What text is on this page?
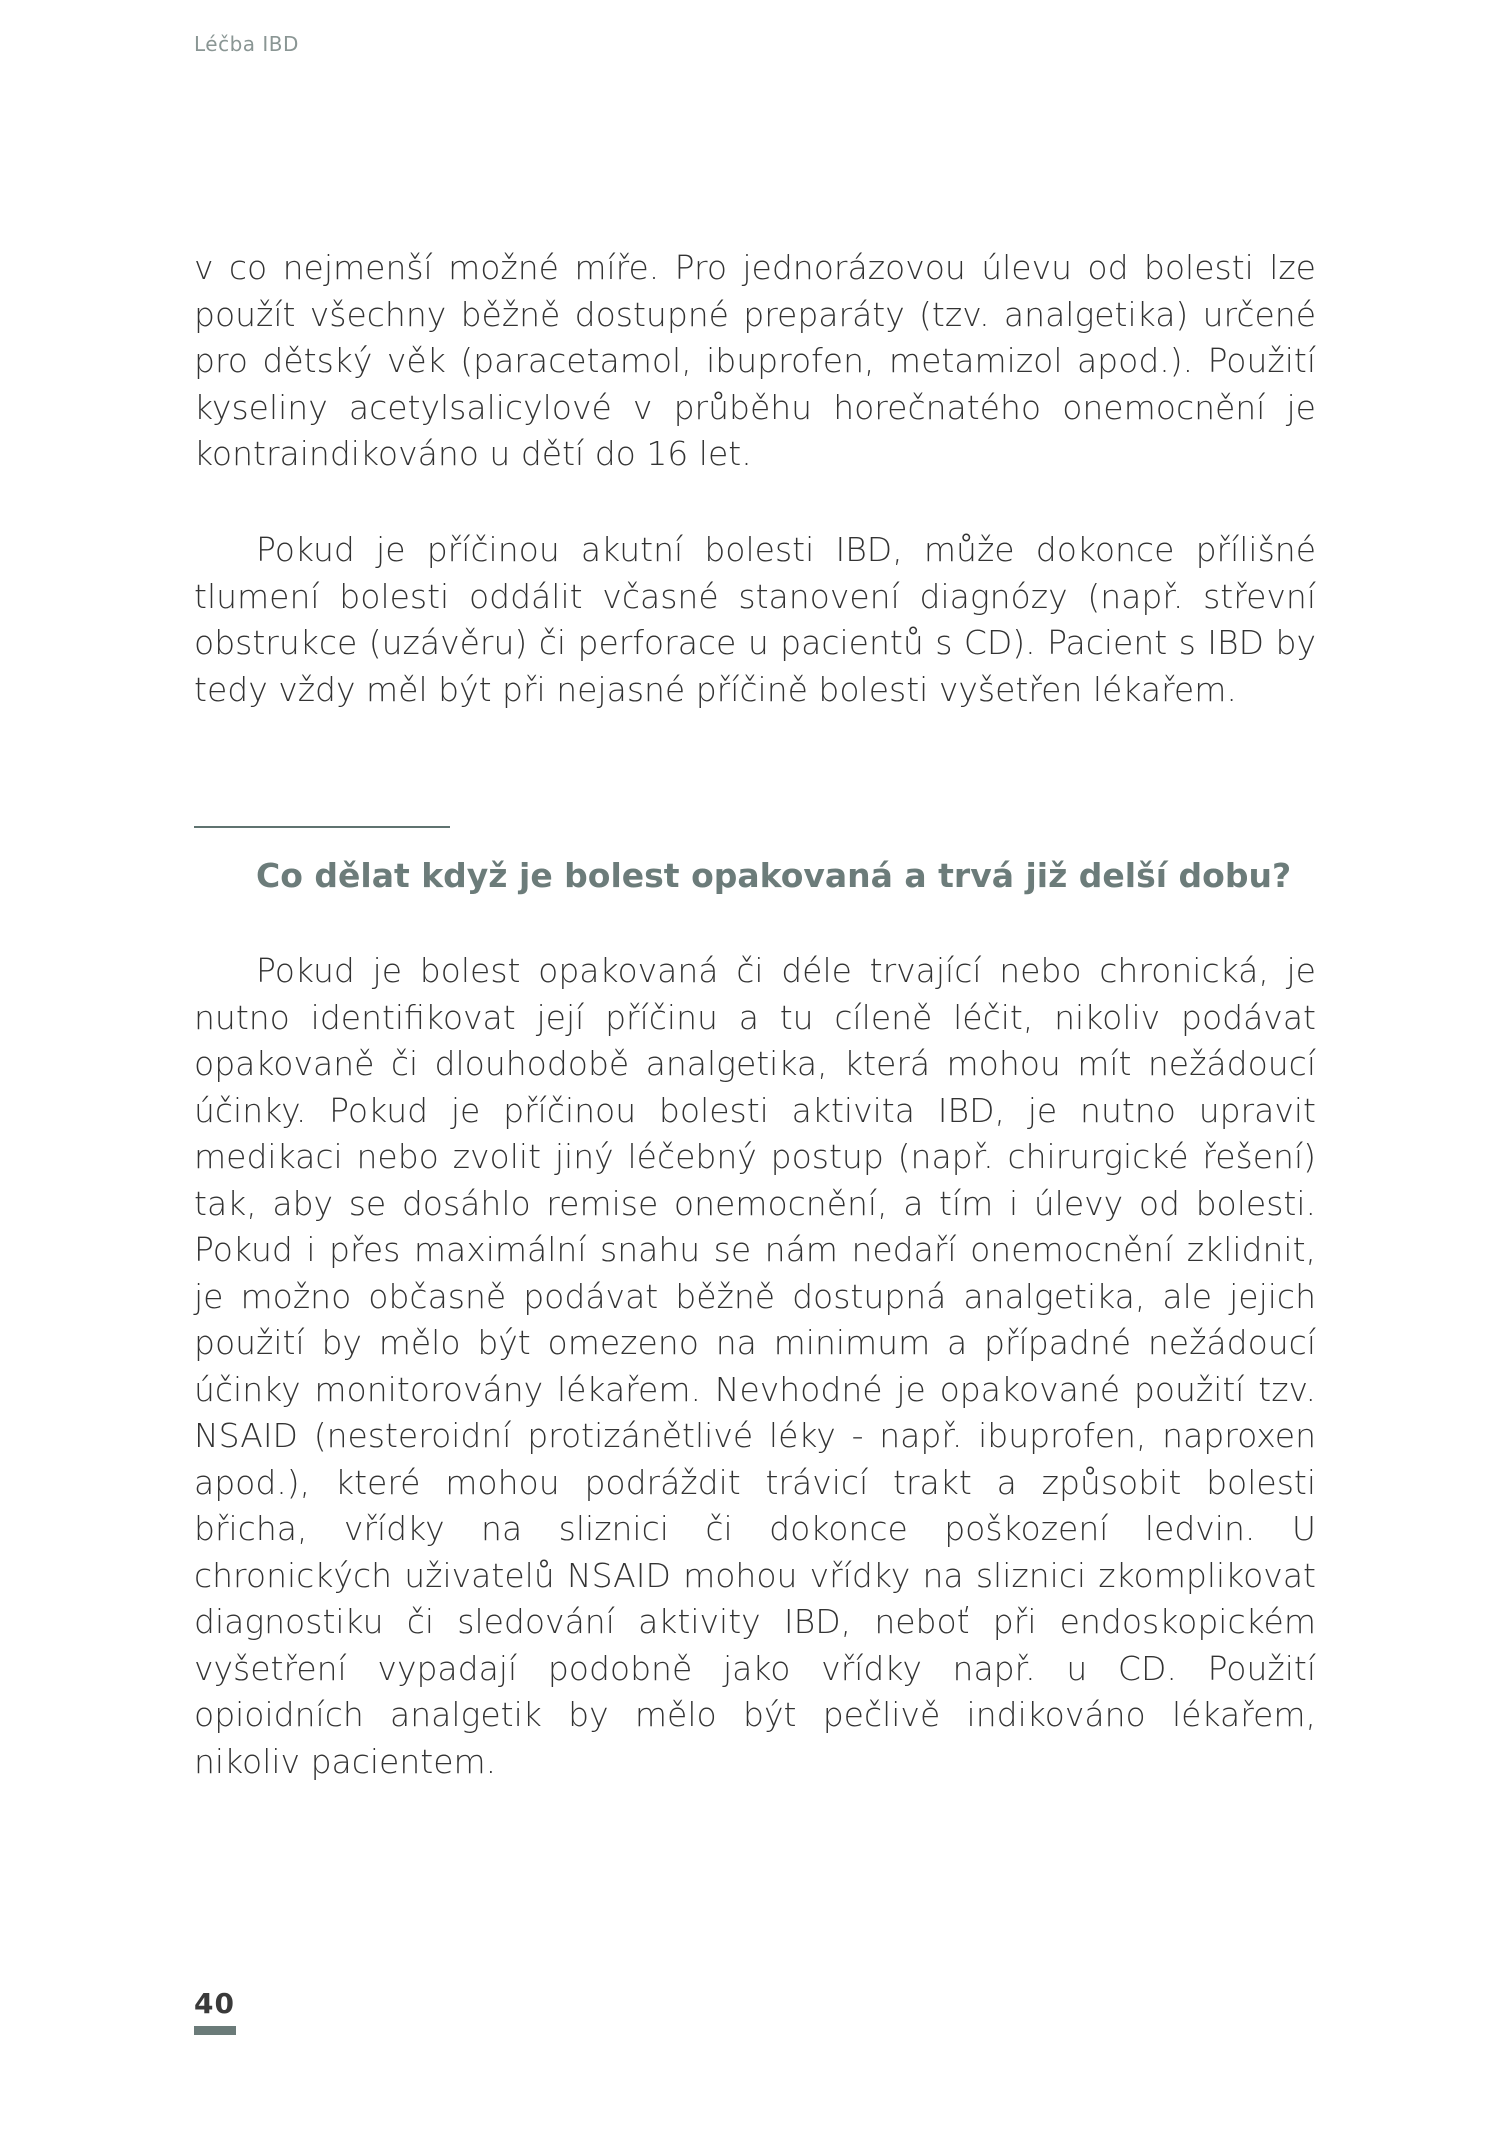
Léčba IBD

v co nejmenší možné míře. Pro jednorázovou úlevu od bolesti lze použít všechny běžně dostupné preparáty (tzv. analgetika) určené pro dětský věk (paracetamol, ibuprofen, metamizol apod.). Použití kyseliny acetylsalicylové v průběhu horečnatého onemocnění je kontraindikováno u dětí do 16 let.

Pokud je příčinou akutní bolesti IBD, může dokonce přílišné tlumení bolesti oddálit včasné stanovení diagnózy (např. střevní obstrukce (uzávěru) či perforace u pacientů s CD). Pacient s IBD by tedy vždy měl být při nejasné příčině bolesti vyšetřen lékařem.

Co dělat když je bolest opakovaná a trvá již delší dobu?

Pokud je bolest opakovaná či déle trvající nebo chronická, je nutno identifikovat její příčinu a tu cíleně léčit, nikoliv podávat opakovaně či dlouhodobě analgetika, která mohou mít nežádoucí účinky. Pokud je příčinou bolesti aktivita IBD, je nutno upravit medikaci nebo zvolit jiný léčebný postup (např. chirurgické řešení) tak, aby se dosáhlo remise onemocnění, a tím i úlevy od bolesti. Pokud i přes maximální snahu se nám nedaří onemocnění zklidnit, je možno občasně podávat běžně dostupná analgetika, ale jejich použití by mělo být omezeno na minimum a případné nežádoucí účinky monitorovány lékařem. Nevhodné je opakované použití tzv. NSAID (nesteroidní protizánětlivé léky - např. ibuprofen, naproxen apod.), které mohou podráždit trávicí trakt a způsobit bolesti břicha, vřídky na sliznici či dokonce poškození ledvin. U chronických uživatelů NSAID mohou vřídky na sliznici zkomplikovat diagnostiku či sledování aktivity IBD, neboť při endoskopickém vyšetření vypadají podobně jako vřídky např. u CD. Použití opioidních analgetik by mělo být pečlivě indikováno lékařem, nikoliv pacientem.

40
